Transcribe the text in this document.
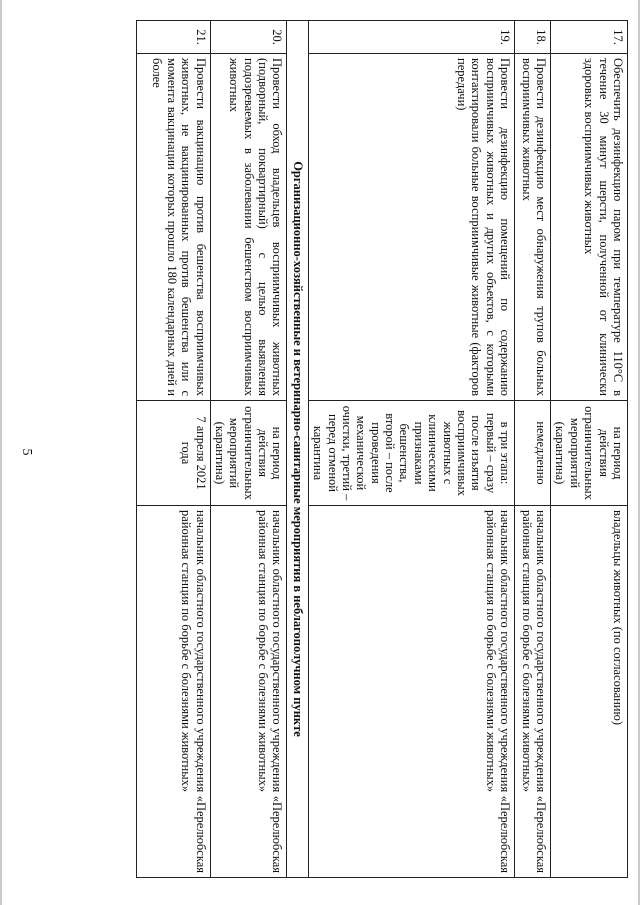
5
17.	Обеспечить дезинфекцию паром при температуре 110°С в течение 30 минут шерсти, полученной от клинически здоровых восприимчивых животных	на период действия ограничительных мероприятий (карантина)	владельцы животных (по согласованию)
18.	Провести дезинфекцию мест обнаружения трупов больных восприимчивых животных	немедленно	начальник областного государственного учреждения «Перелюбская районная станция по борьбе с болезнями животных»
19.	Провести дезинфекцию помещений по содержанию восприимчивых животных и других объектов, с которыми контактировали больные восприимчивые животные (факторов передачи)	в три этапа: первый – сразу после изъятия восприимчивых животных с клиническими признаками бешенства, второй – после проведения механической очистки, третий – перед отменой карантина	начальник областного государственного учреждения «Перелюбская районная станция по борьбе с болезнями животных»
Организационно-хозяйственные и ветеринарно-санитарные мероприятия в неблагополучном пункте			
20.	Провести обход владельцев восприимчивых животных (подворный, поквартирный) с целью выявления подозреваемых в заболевании бешенством восприимчивых животных	на период действия ограничительных мероприятий (карантина)	начальник областного государственного учреждения «Перелюбская районная станция по борьбе с болезнями животных»
21.	Провести вакцинацию против бешенства восприимчивых животных, не вакцинированных против бешенства или с момента вакцинации которых прошло 180 календарных дней и более	7 апреля 2021 года	начальник областного государственного учреждения «Перелюбская районная станция по борьбе с болезнями животных»
